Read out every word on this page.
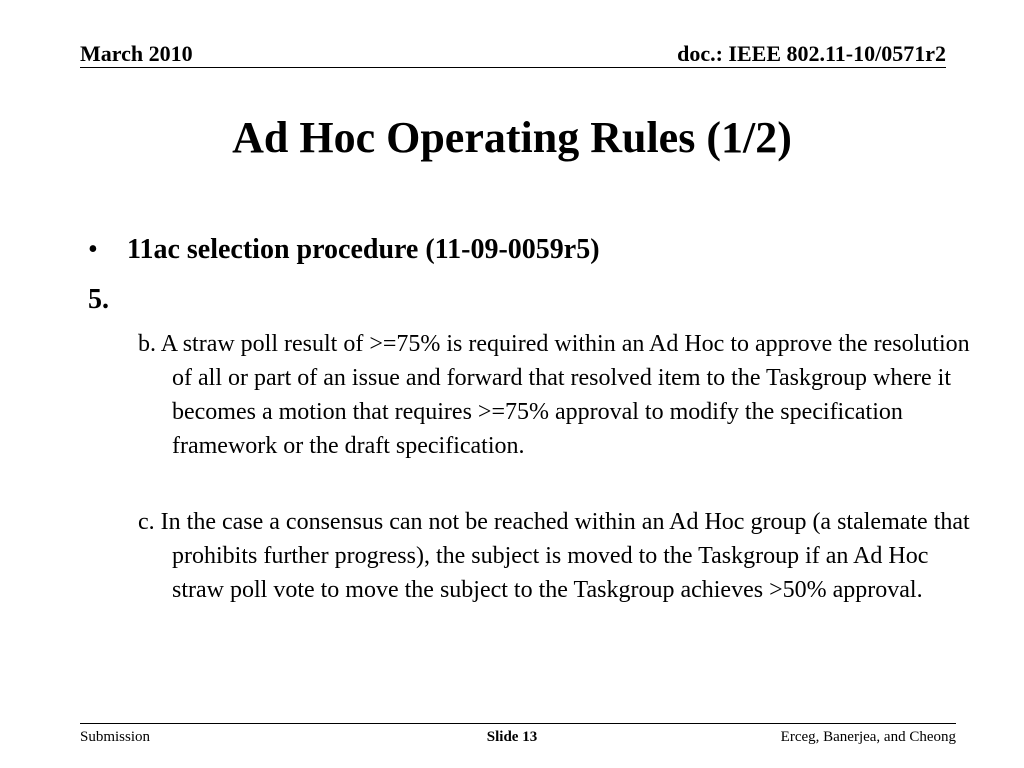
March 2010	doc.: IEEE 802.11-10/0571r2
Ad Hoc Operating Rules (1/2)
• 11ac selection procedure (11-09-0059r5)
5.
b. A straw poll result of >=75% is required within an Ad Hoc to approve the resolution of all or part of an issue and forward that resolved item to the Taskgroup where it becomes a motion that requires >=75% approval to modify the specification framework or the draft specification.
c. In the case a consensus can not be reached within an Ad Hoc group (a stalemate that prohibits further progress), the subject is moved to the Taskgroup if an Ad Hoc straw poll vote to move the subject to the Taskgroup achieves >50% approval.
Submission	Slide 13	Erceg, Banerjea, and Cheong
